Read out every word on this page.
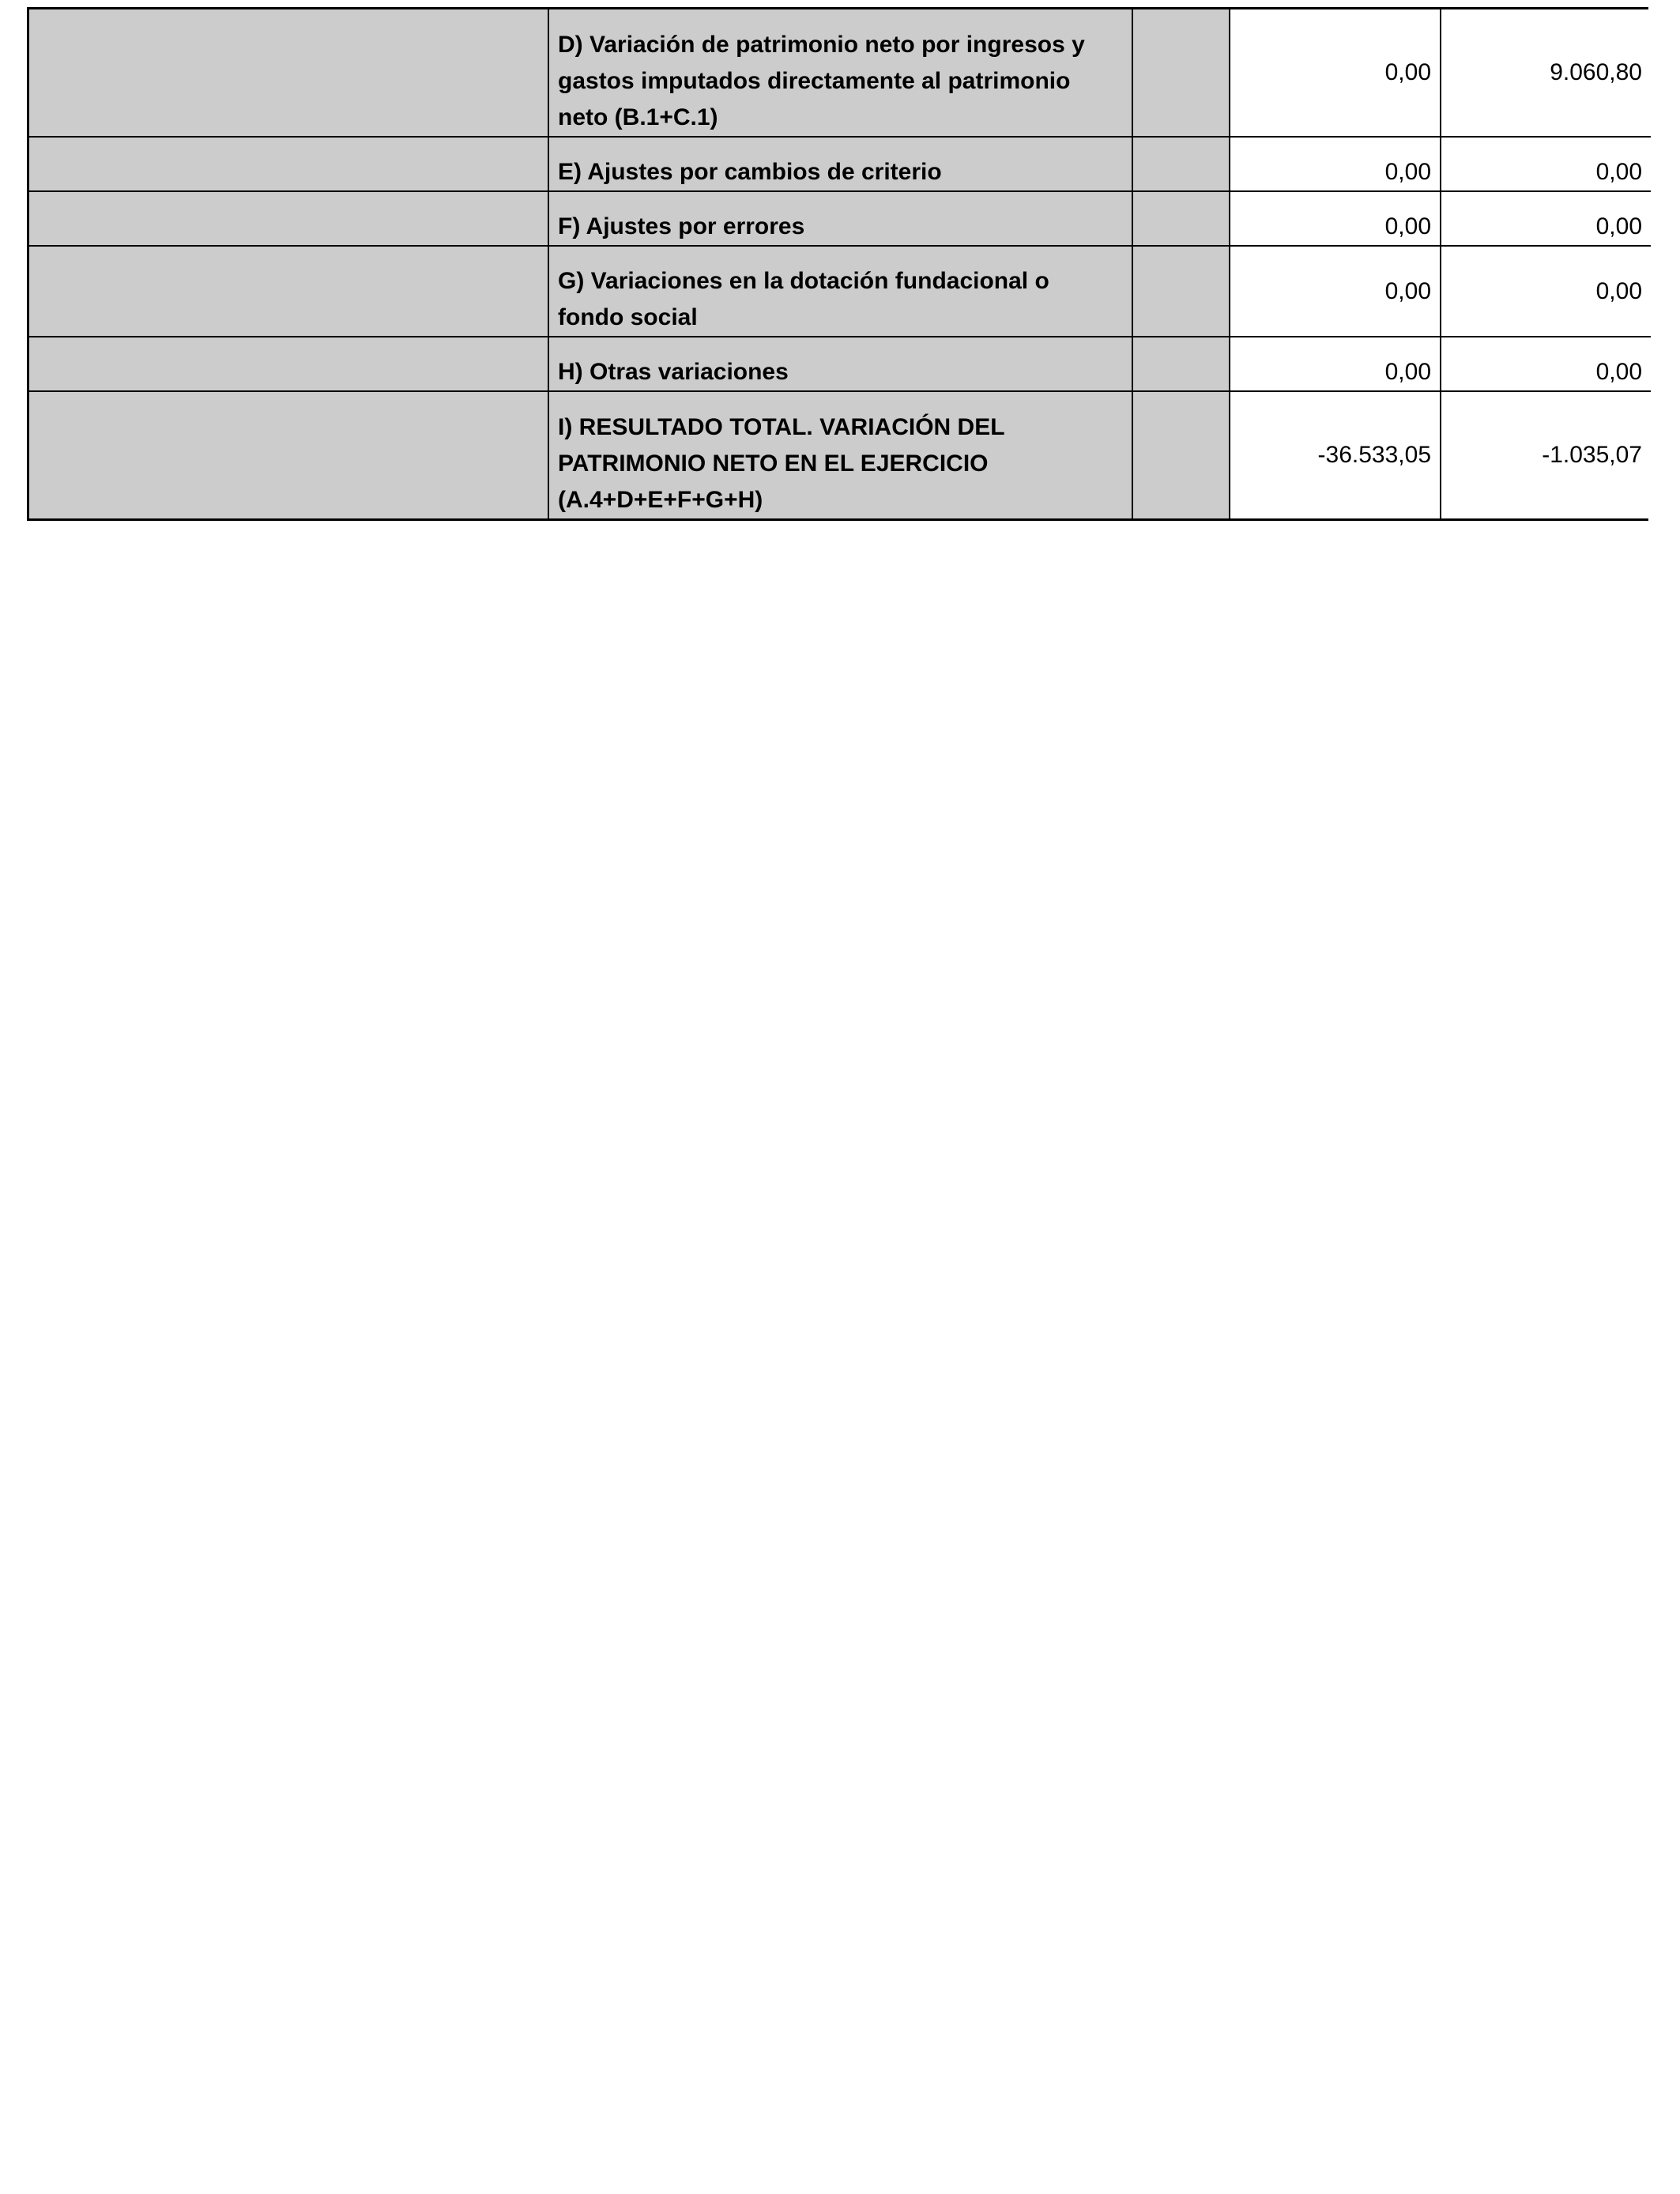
	D) Variación de patrimonio neto por ingresos y gastos imputados directamente al patrimonio neto (B.1+C.1)		0,00	9.060,80
	E) Ajustes por cambios de criterio		0,00	0,00
	F) Ajustes por errores		0,00	0,00
	G) Variaciones en la dotación fundacional o fondo social		0,00	0,00
	H) Otras variaciones		0,00	0,00
	I) RESULTADO TOTAL. VARIACIÓN DEL PATRIMONIO NETO EN EL EJERCICIO (A.4+D+E+F+G+H)		-36.533,05	-1.035,07
